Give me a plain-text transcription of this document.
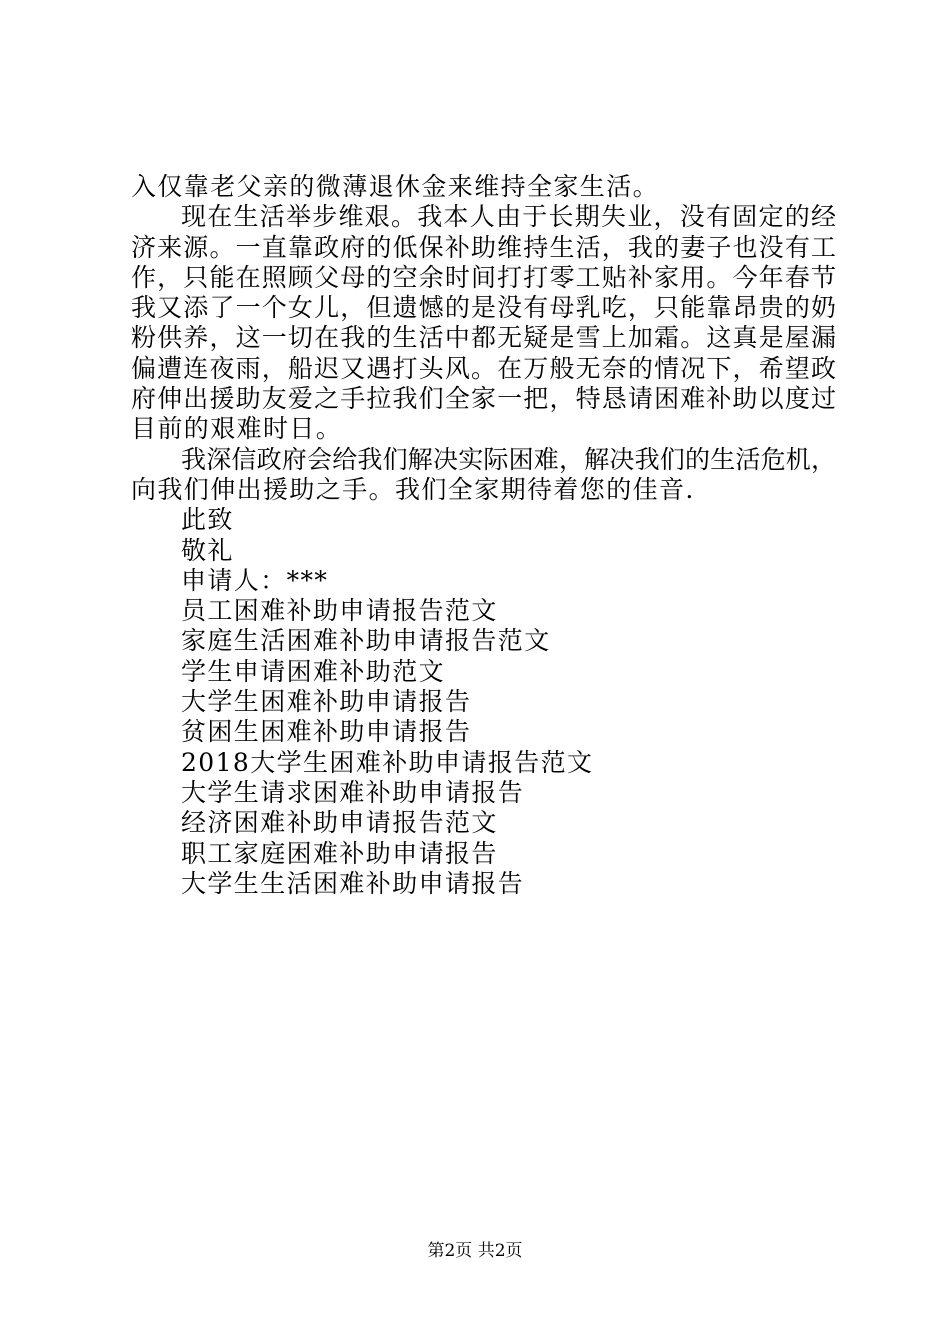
入仅靠老父亲的微薄退休金来维持全家生活。
现在生活举步维艰。我本人由于长期失业，没有固定的经
济来源。一直靠政府的低保补助维持生活，我的妻子也没有工
作，只能在照顾父母的空余时间打打零工贴补家用。今年春节
我又添了一个女儿，但遗憾的是没有母乳吃，只能靠昂贵的奶
粉供养，这一切在我的生活中都无疑是雪上加霜。这真是屋漏
偏遭连夜雨，船迟又遇打头风。在万般无奈的情况下，希望政
府伸出援助友爱之手拉我们全家一把，特恳请困难补助以度过
目前的艰难时日。
我深信政府会给我们解决实际困难，解决我们的生活危机，
向我们伸出援助之手。我们全家期待着您的佳音.
此致
敬礼
申请人：***
员工困难补助申请报告范文
家庭生活困难补助申请报告范文
学生申请困难补助范文
大学生困难补助申请报告
贫困生困难补助申请报告
2018大学生困难补助申请报告范文
大学生请求困难补助申请报告
经济困难补助申请报告范文
职工家庭困难补助申请报告
大学生生活困难补助申请报告
第2页 共2页
